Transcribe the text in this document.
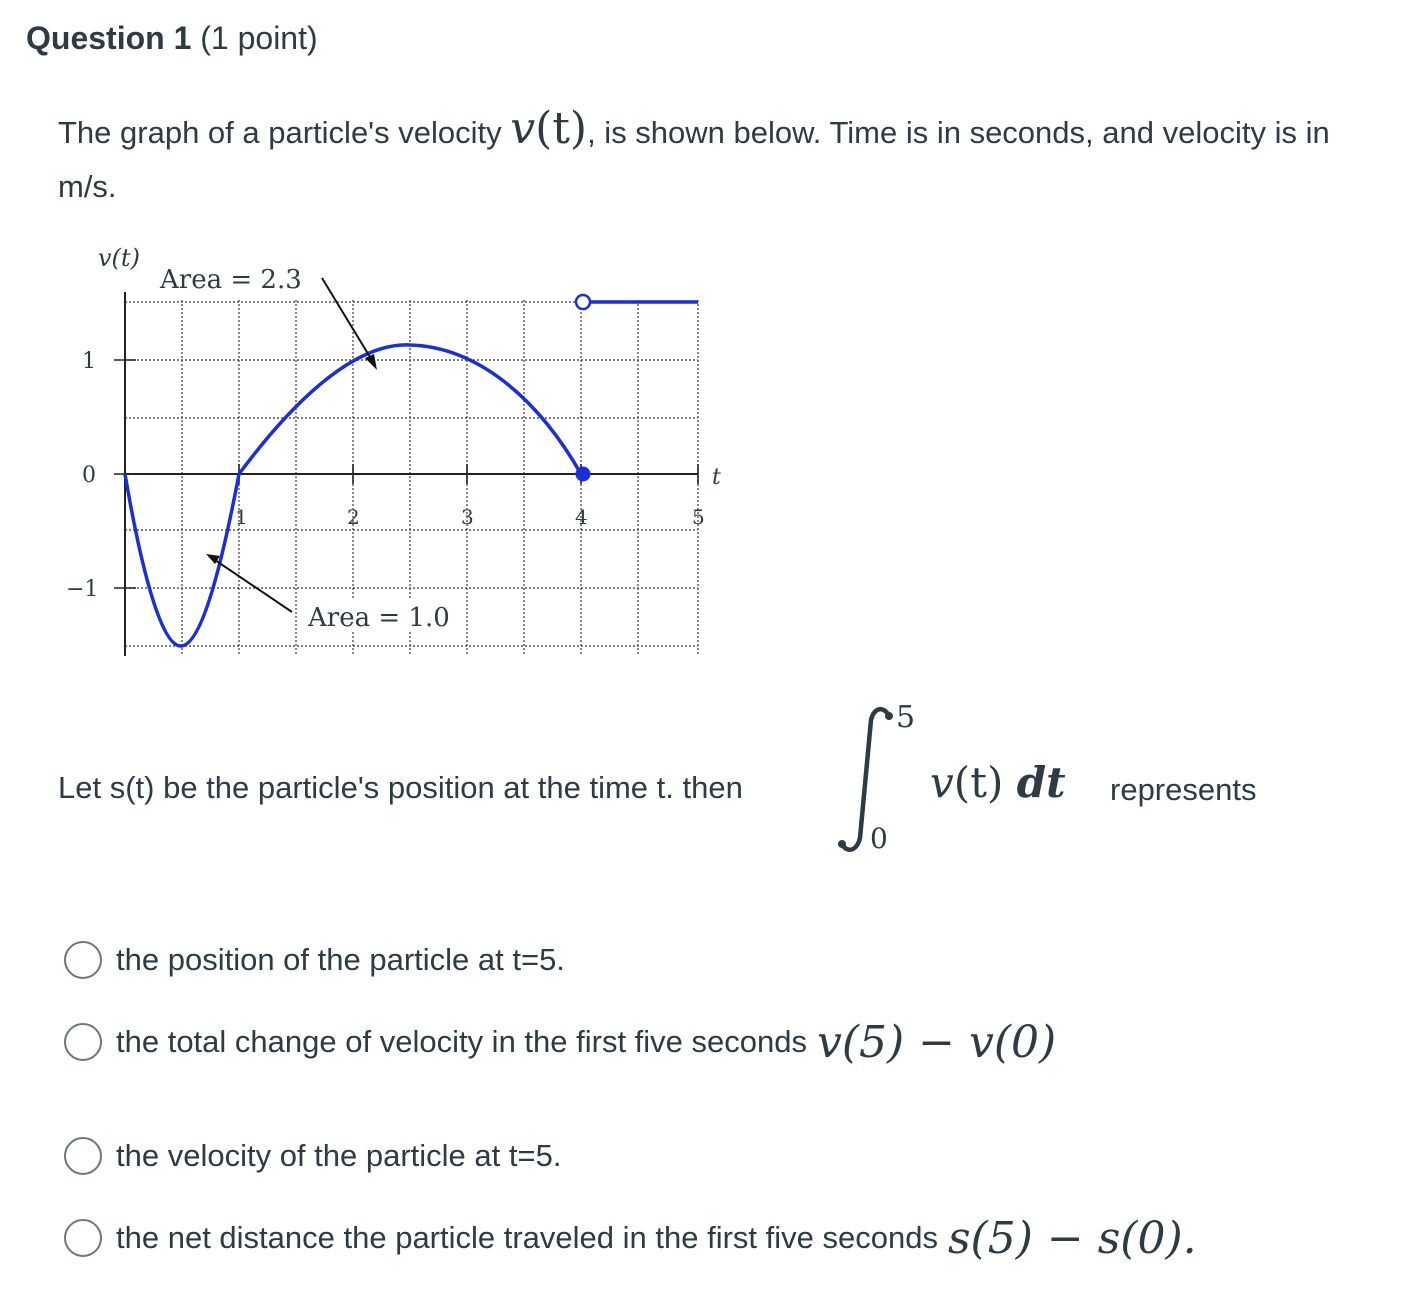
Question 1 (1 point)
The graph of a particle's velocity v(t), is shown below. Time is in seconds, and velocity is in m/s.
v(t)
t
1
0
−1
1	2	3	4	5
Area = 2.3
Area = 1.0
Let s(t) be the particle's position at the time t. then
5
0
v(t) dt represents
the position of the particle at t=5.
the total change of velocity in the first five seconds v(5) − v(0)
the velocity of the particle at t=5.
the net distance the particle traveled in the first five seconds s(5) − s(0).
